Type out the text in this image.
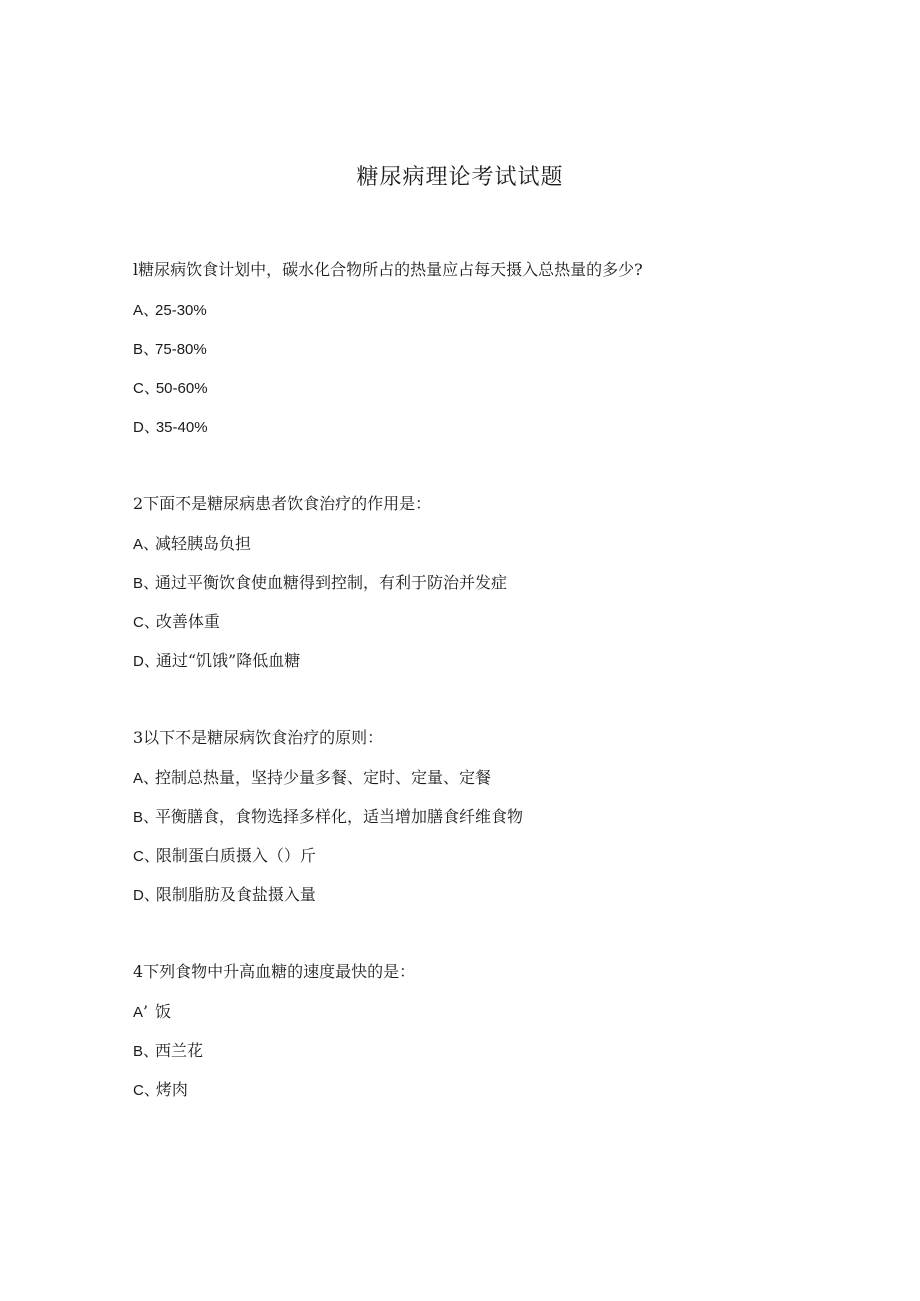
糖尿病理论考试试题
l糖尿病饮食计划中，碳水化合物所占的热量应占每天摄入总热量的多少?
A、25-30%
B、75-80%
C、50-60%
D、35-40%
2下面不是糖尿病患者饮食治疗的作用是：
A、减轻胰岛负担
B、通过平衡饮食使血糖得到控制，有利于防治并发症
C、改善体重
D、通过“饥饿”降低血糖
3以下不是糖尿病饮食治疗的原则：
A、控制总热量，坚持少量多餐、定时、定量、定餐
B、平衡膳食，食物选择多样化，适当增加膳食纤维食物
C、限制蛋白质摄入（）斤
D、限制脂肪及食盐摄入量
4下列食物中升高血糖的速度最快的是：
A’ 饭
B、西兰花
C、烤肉
